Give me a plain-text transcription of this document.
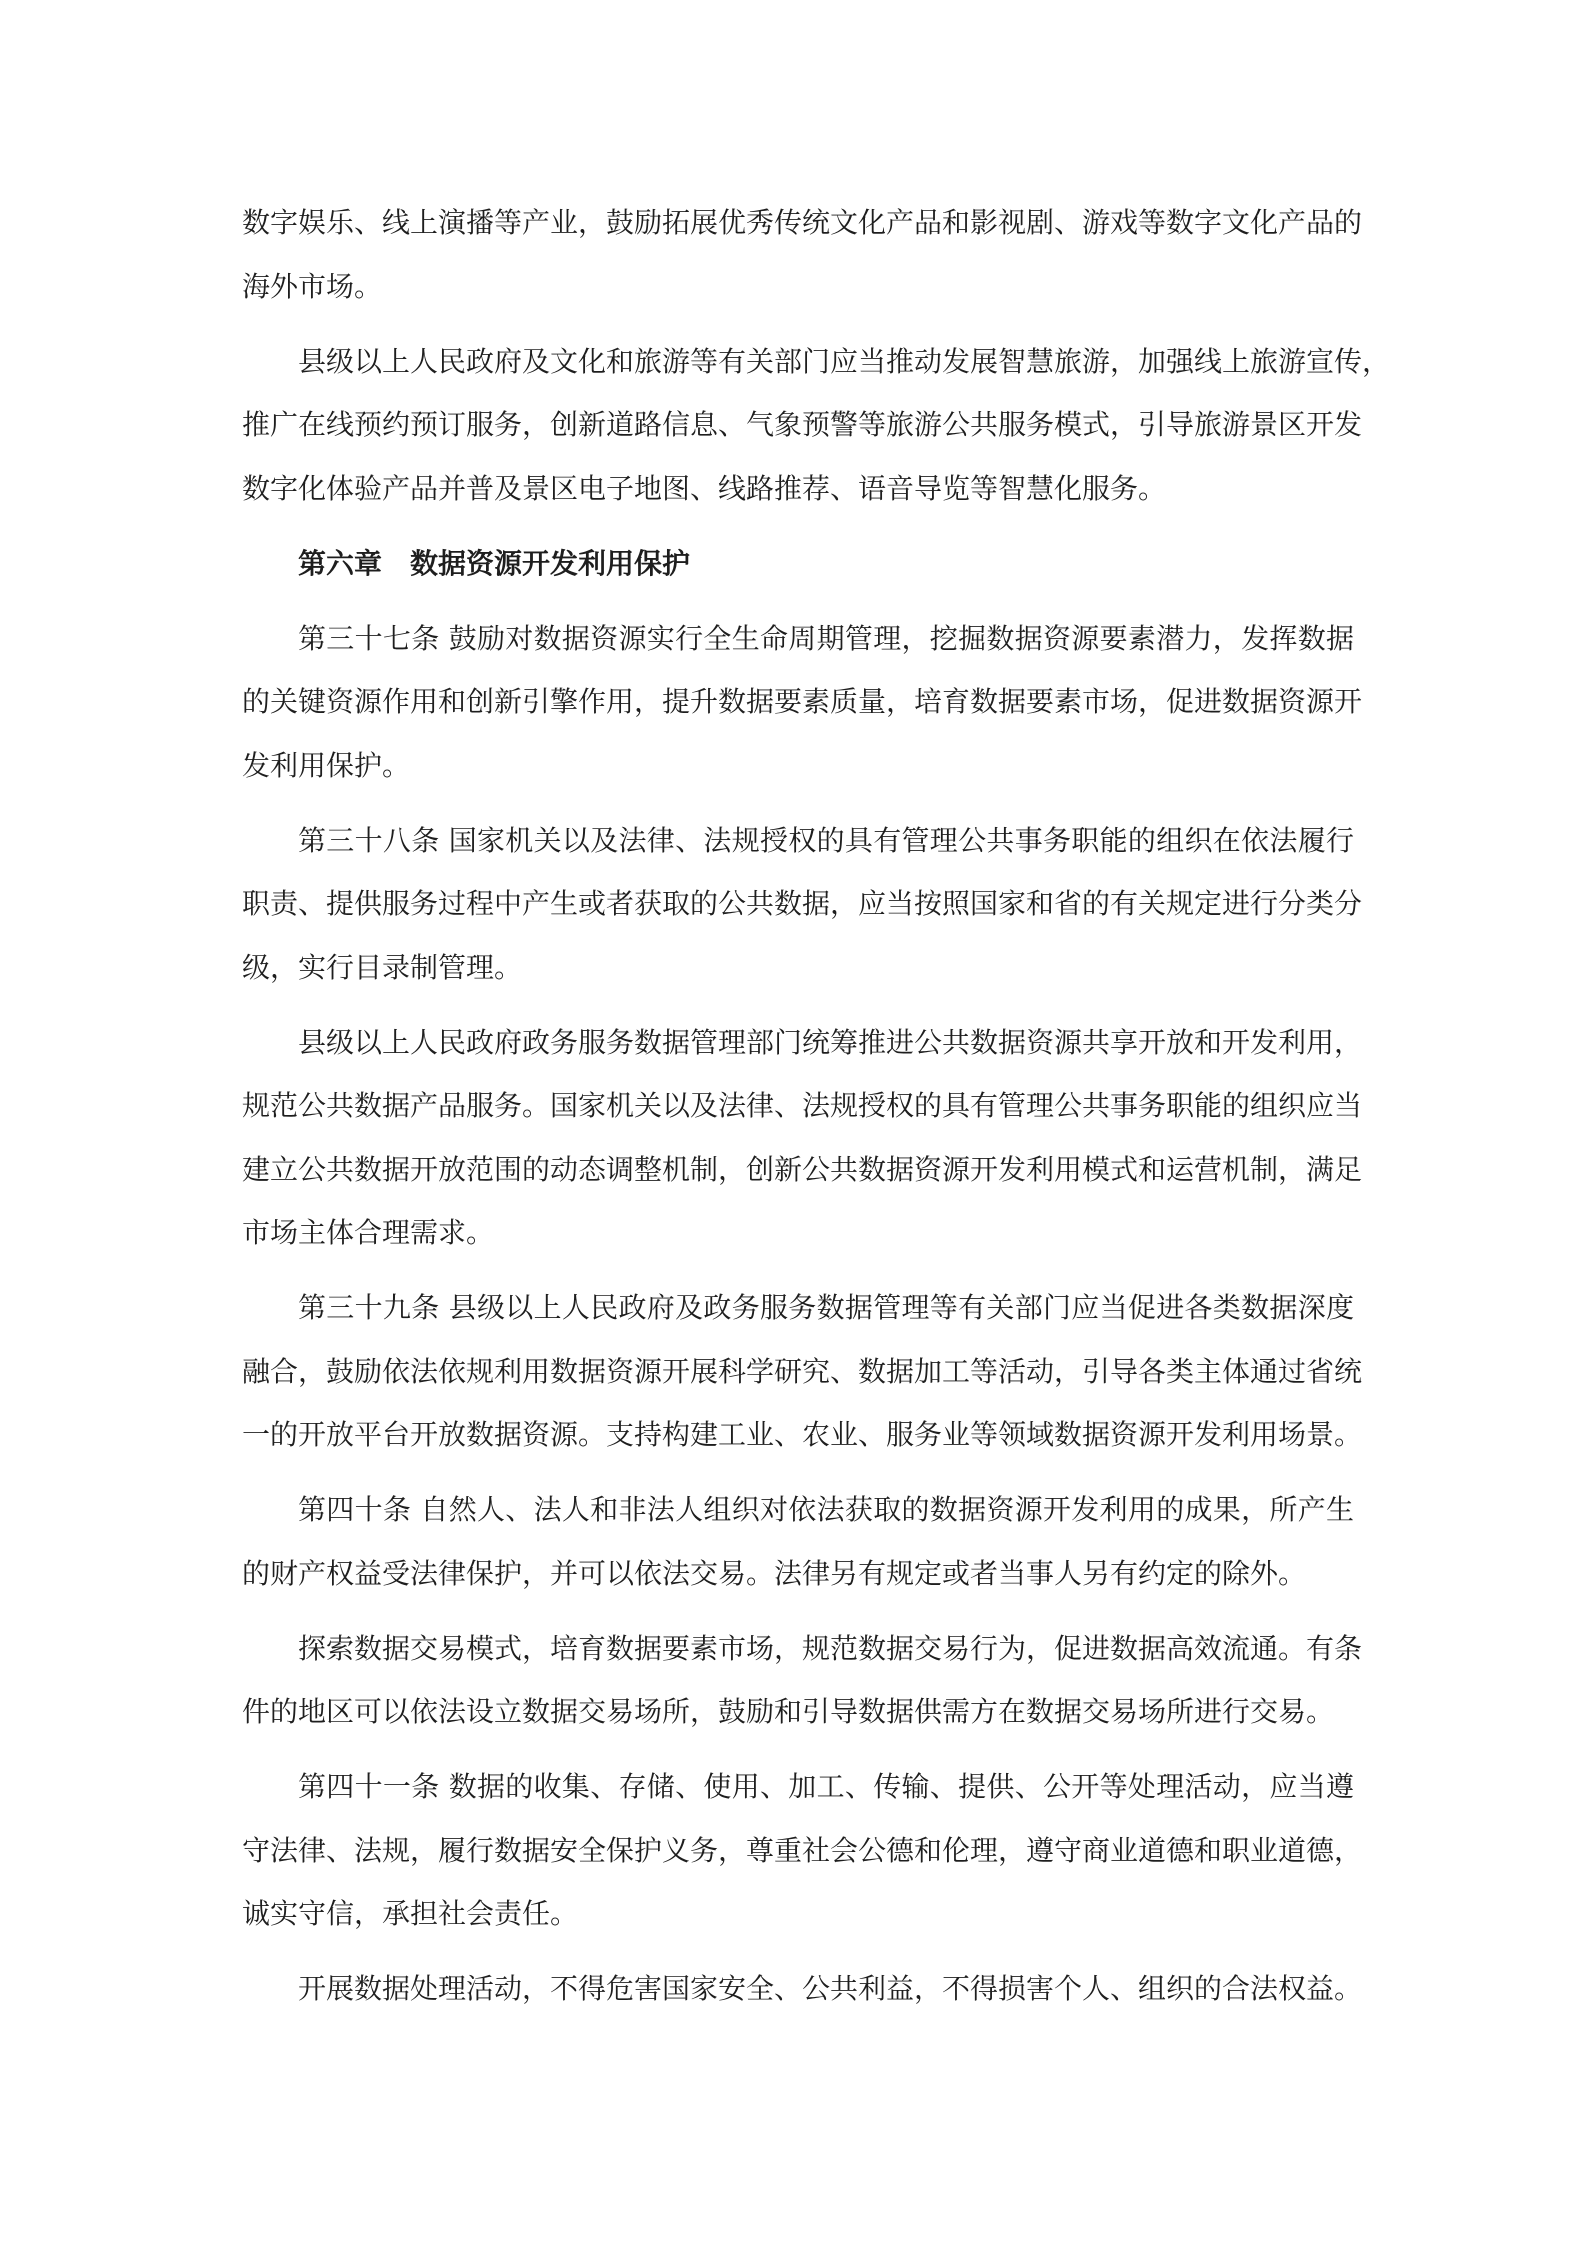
数字娱乐、线上演播等产业，鼓励拓展优秀传统文化产品和影视剧、游戏等数字文化产品的
海外市场。
县级以上人民政府及文化和旅游等有关部门应当推动发展智慧旅游，加强线上旅游宣传，
推广在线预约预订服务，创新道路信息、气象预警等旅游公共服务模式，引导旅游景区开发
数字化体验产品并普及景区电子地图、线路推荐、语音导览等智慧化服务。
第六章　数据资源开发利用保护
第三十七条 鼓励对数据资源实行全生命周期管理，挖掘数据资源要素潜力，发挥数据
的关键资源作用和创新引擎作用，提升数据要素质量，培育数据要素市场，促进数据资源开
发利用保护。
第三十八条 国家机关以及法律、法规授权的具有管理公共事务职能的组织在依法履行
职责、提供服务过程中产生或者获取的公共数据，应当按照国家和省的有关规定进行分类分
级，实行目录制管理。
县级以上人民政府政务服务数据管理部门统筹推进公共数据资源共享开放和开发利用，
规范公共数据产品服务。国家机关以及法律、法规授权的具有管理公共事务职能的组织应当
建立公共数据开放范围的动态调整机制，创新公共数据资源开发利用模式和运营机制，满足
市场主体合理需求。
第三十九条 县级以上人民政府及政务服务数据管理等有关部门应当促进各类数据深度
融合，鼓励依法依规利用数据资源开展科学研究、数据加工等活动，引导各类主体通过省统
一的开放平台开放数据资源。支持构建工业、农业、服务业等领域数据资源开发利用场景。
第四十条 自然人、法人和非法人组织对依法获取的数据资源开发利用的成果，所产生
的财产权益受法律保护，并可以依法交易。法律另有规定或者当事人另有约定的除外。
探索数据交易模式，培育数据要素市场，规范数据交易行为，促进数据高效流通。有条
件的地区可以依法设立数据交易场所，鼓励和引导数据供需方在数据交易场所进行交易。
第四十一条 数据的收集、存储、使用、加工、传输、提供、公开等处理活动，应当遵
守法律、法规，履行数据安全保护义务，尊重社会公德和伦理，遵守商业道德和职业道德，
诚实守信，承担社会责任。
开展数据处理活动，不得危害国家安全、公共利益，不得损害个人、组织的合法权益。
